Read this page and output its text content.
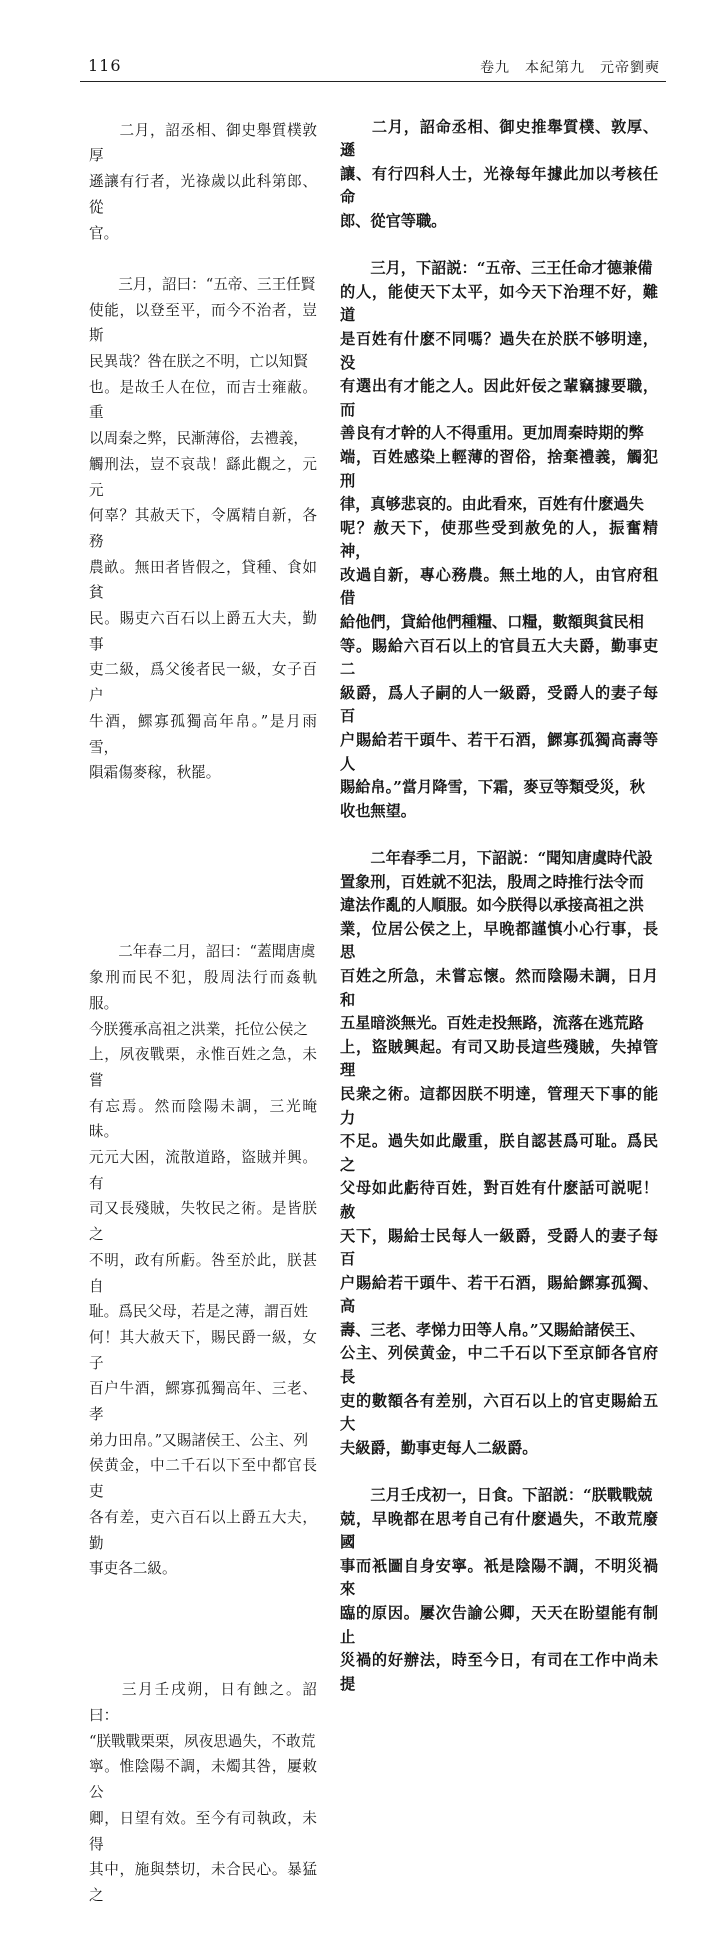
116	卷九　本紀第九　元帝劉奭

　　二月，詔丞相、御史舉質樸敦厚
遜讓有行者，光祿歲以此科第郎、從
官。

　　三月，詔曰：“五帝、三王任賢
使能，以登至平，而今不治者，豈斯
民異哉？咎在朕之不明，亡以知賢
也。是故壬人在位，而吉士雍蔽。重
以周秦之弊，民漸薄俗，去禮義，
觸刑法，豈不哀哉！繇此觀之，元元
何辜？其赦天下，令厲精自新，各務
農畝。無田者皆假之，貸種、食如貧
民。賜吏六百石以上爵五大夫，勤事
吏二級，爲父後者民一級，女子百户
牛酒，鰥寡孤獨高年帛。”是月雨雪，
隕霜傷麥稼，秋罷。

　　二年春二月，詔曰：“蓋聞唐虞
象刑而民不犯，殷周法行而姦軌服。
今朕獲承高祖之洪業，托位公侯之
上，夙夜戰栗，永惟百姓之急，未嘗
有忘焉。然而陰陽未調，三光晻昧。
元元大困，流散道路，盜賊并興。有
司又長殘賊，失牧民之術。是皆朕之
不明，政有所虧。咎至於此，朕甚自
耻。爲民父母，若是之薄，謂百姓
何！其大赦天下，賜民爵一級，女子
百户牛酒，鰥寡孤獨高年、三老、孝
弟力田帛。”又賜諸侯王、公主、列
侯黄金，中二千石以下至中都官長吏
各有差，吏六百石以上爵五大夫，勤
事吏各二級。

　　三月壬戌朔，日有蝕之。詔曰：
“朕戰戰栗栗，夙夜思過失，不敢荒
寧。惟陰陽不調，未燭其咎，屢敕公
卿，日望有效。至今有司執政，未得
其中，施與禁切，未合民心。暴猛之

　　二月，詔命丞相、御史推舉質樸、敦厚、遜
讓、有行四科人士，光祿每年據此加以考核任命
郎、從官等職。

　　三月，下詔説：“五帝、三王任命才德兼備
的人，能使天下太平，如今天下治理不好，難道
是百姓有什麽不同嗎？過失在於朕不够明達，没
有選出有才能之人。因此奸佞之輩竊據要職，而
善良有才幹的人不得重用。更加周秦時期的弊
端，百姓感染上輕薄的習俗，捨棄禮義，觸犯刑
律，真够悲哀的。由此看來，百姓有什麽過失
呢？赦天下，使那些受到赦免的人，振奮精神，
改過自新，專心務農。無土地的人，由官府租借
給他們，貸給他們種糧、口糧，數額與貧民相
等。賜給六百石以上的官員五大夫爵，勤事吏二
級爵，爲人子嗣的人一級爵，受爵人的妻子每百
户賜給若干頭牛、若干石酒，鰥寡孤獨高壽等人
賜給帛。”當月降雪，下霜，麥豆等類受災，秋
收也無望。

　　二年春季二月，下詔説：“聞知唐虞時代設
置象刑，百姓就不犯法，殷周之時推行法令而
違法作亂的人順服。如今朕得以承接高祖之洪
業，位居公侯之上，早晚都謹慎小心行事，長思
百姓之所急，未嘗忘懷。然而陰陽未調，日月和
五星暗淡無光。百姓走投無路，流落在逃荒路
上，盜賊興起。有司又助長這些殘賊，失掉管理
民衆之術。這都因朕不明達，管理天下事的能力
不足。過失如此嚴重，朕自認甚爲可耻。爲民之
父母如此虧待百姓，對百姓有什麽話可説呢！赦
天下，賜給士民每人一級爵，受爵人的妻子每百
户賜給若干頭牛、若干石酒，賜給鰥寡孤獨、高
壽、三老、孝悌力田等人帛。”又賜給諸侯王、
公主、列侯黄金，中二千石以下至京師各官府長
吏的數額各有差别，六百石以上的官吏賜給五大
夫級爵，勤事吏每人二級爵。

　　三月壬戌初一，日食。下詔説：“朕戰戰兢
兢，早晚都在思考自己有什麽過失，不敢荒廢國
事而衹圖自身安寧。衹是陰陽不調，不明災禍來
臨的原因。屢次告諭公卿，天天在盼望能有制止
災禍的好辦法，時至今日，有司在工作中尚未提
